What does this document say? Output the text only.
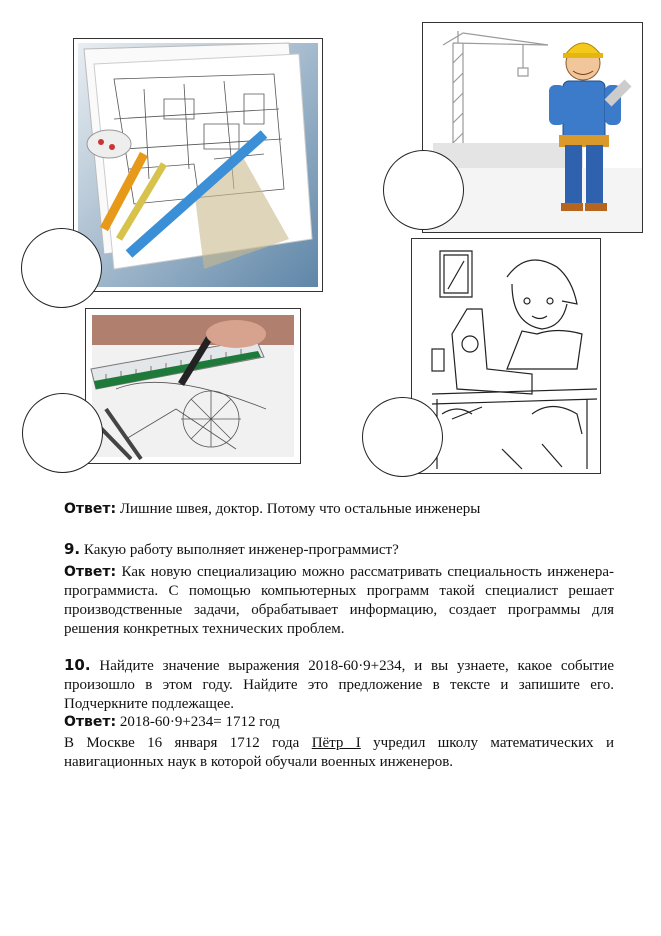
Ответ: Лишние швея, доктор. Потому что остальные инженеры
9. Какую работу выполняет инженер-программист?
Ответ: Как новую специализацию можно рассматривать специальность инженера-программиста. С помощью компьютерных программ такой специалист решает производственные задачи, обрабатывает информацию, создает программы для решения конкретных технических проблем.
10. Найдите значение выражения 2018-60·9+234, и вы узнаете, какое событие произошло в этом году. Найдите это предложение в тексте и запишите его. Подчеркните подлежащее.
Ответ: 2018-60·9+234= 1712 год
В Москве 16 января 1712 года Пётр I учредил школу математических и навигационных наук в которой обучали военных инженеров.
